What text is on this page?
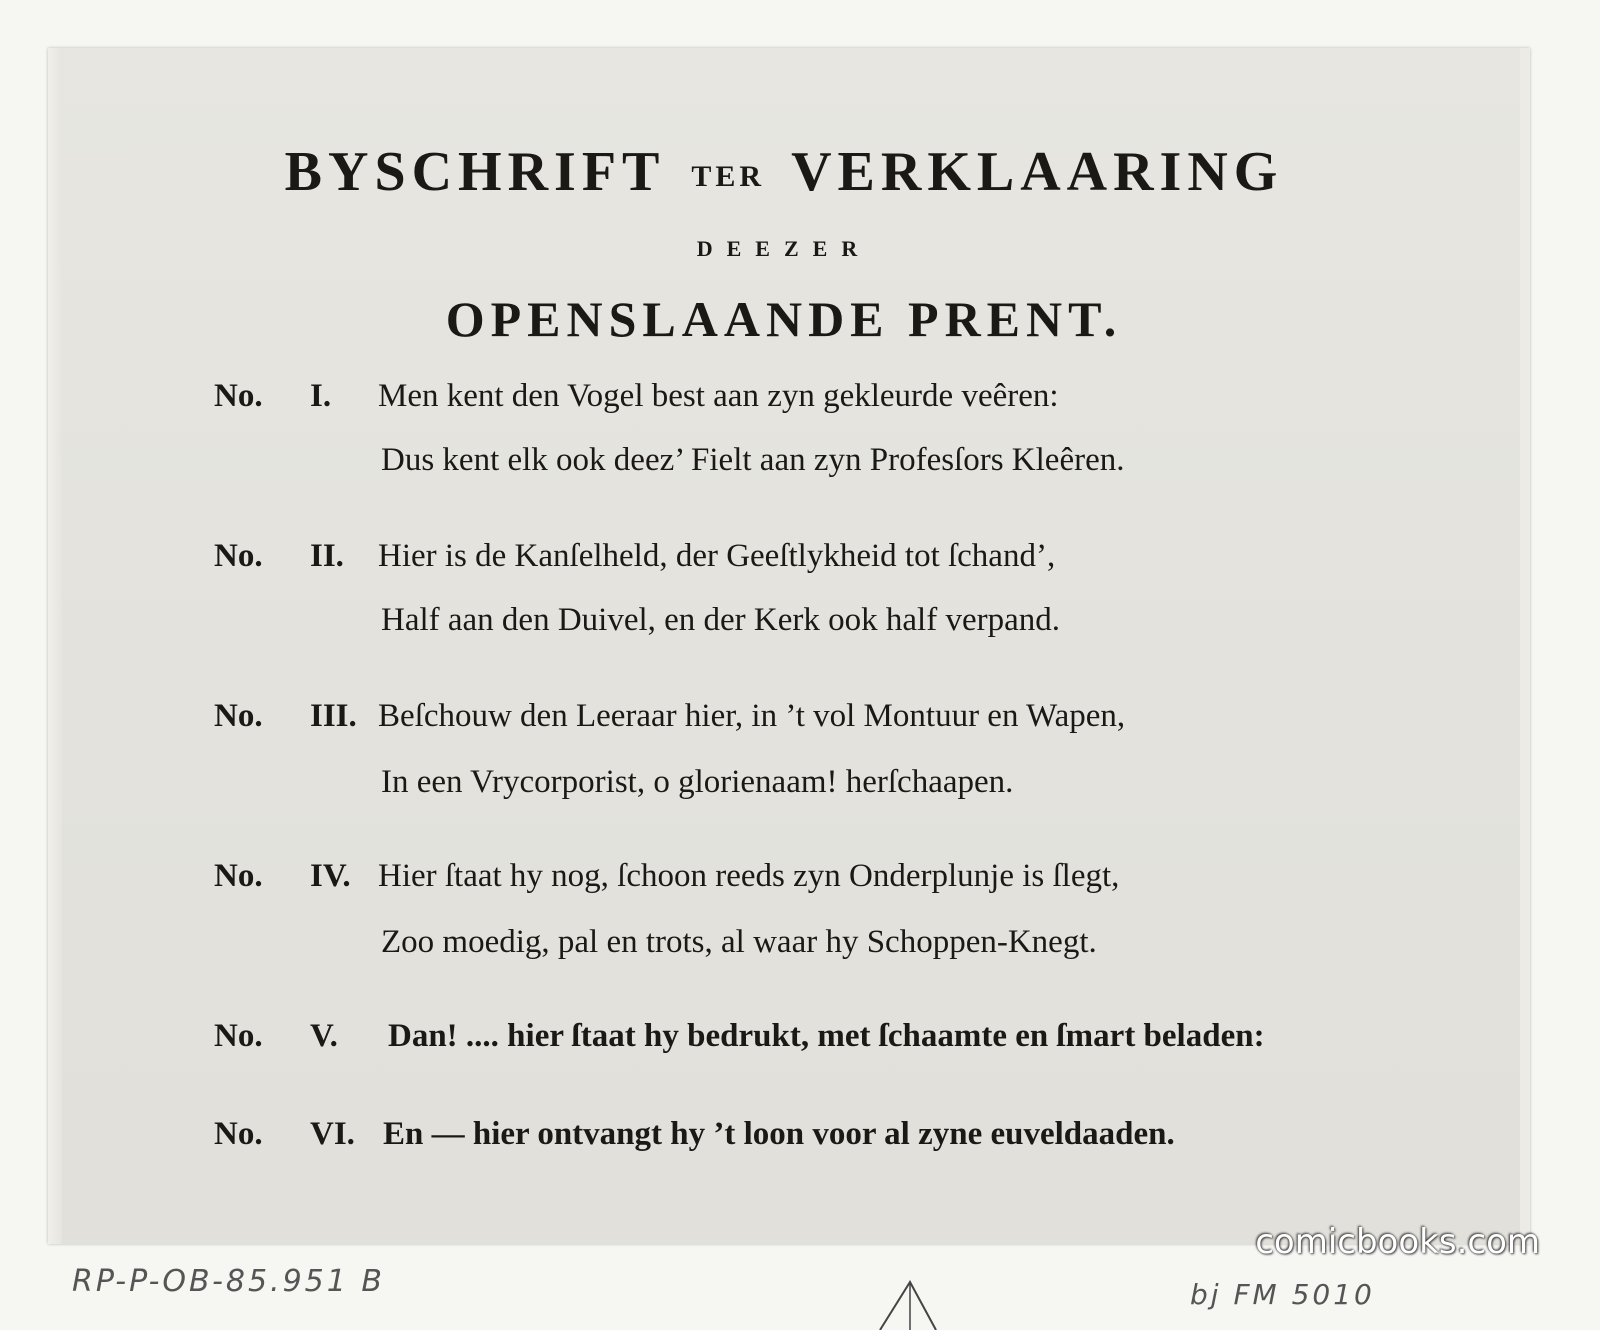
BYSCHRIFT TER VERKLAARING
DEEZER
OPENSLAANDE PRENT.
No. I. Men kent den Vogel best aan zyn gekleurde veêren:
Dus kent elk ook deez’ Fielt aan zyn Profesſors Kleêren.
No. II. Hier is de Kanſelheld, der Geeſtlykheid tot ſchand’,
Half aan den Duivel, en der Kerk ook half verpand.
No. III. Beſchouw den Leeraar hier, in ’t vol Montuur en Wapen,
In een Vrycorporist, o glorienaam! herſchaapen.
No. IV. Hier ſtaat hy nog, ſchoon reeds zyn Onderplunje is ſlegt,
Zoo moedig, pal en trots, al waar hy Schoppen-Knegt.
No. V. Dan! .... hier ſtaat hy bedrukt, met ſchaamte en ſmart beladen:
No. VI. En — hier ontvangt hy ’t loon voor al zyne euveldaaden.
RP-P-OB-85.951 B	bj FM 5010
comicbooks.com
